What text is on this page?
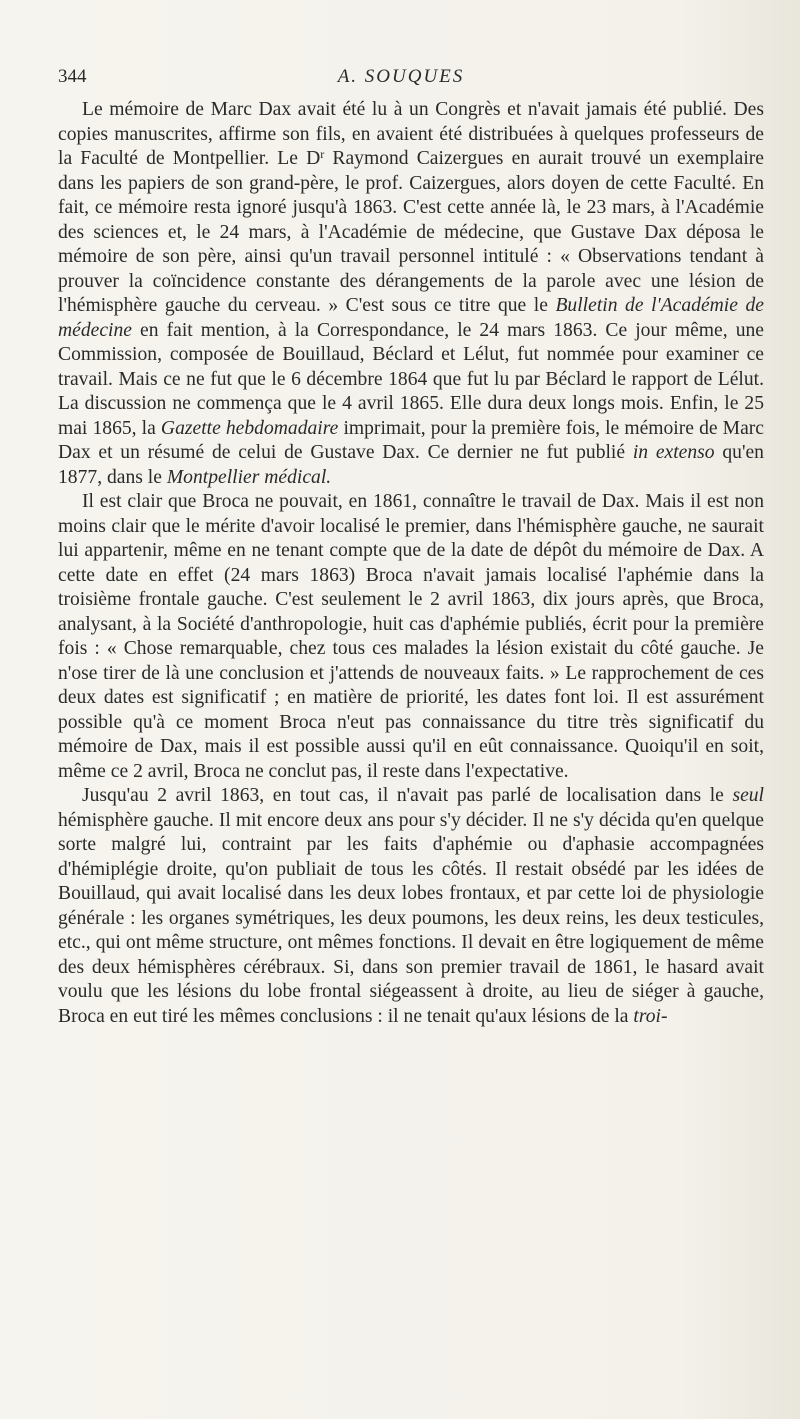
344	A. SOUQUES

Le mémoire de Marc Dax avait été lu à un Congrès et n'avait jamais été publié. Des copies manuscrites, affirme son fils, en avaient été distribuées à quelques professeurs de la Faculté de Montpellier. Le $D^r$ Raymond Caizergues en aurait trouvé un exemplaire dans les papiers de son grand-père, le prof. Caizergues, alors doyen de cette Faculté. En fait, ce mémoire resta ignoré jusqu'à 1863. C'est cette année là, le 23 mars, à l'Académie des sciences et, le 24 mars, à l'Académie de médecine, que Gustave Dax déposa le mémoire de son père, ainsi qu'un travail personnel intitulé : « Observations tendant à prouver la coïncidence constante des dérangements de la parole avec une lésion de l'hémisphère gauche du cerveau. » C'est sous ce titre que le Bulletin de l'Académie de médecine en fait mention, à la Correspondance, le 24 mars 1863. Ce jour même, une Commission, composée de Bouillaud, Béclard et Lélut, fut nommée pour examiner ce travail. Mais ce ne fut que le 6 décembre 1864 que fut lu par Béclard le rapport de Lélut. La discussion ne commença que le 4 avril 1865. Elle dura deux longs mois. Enfin, le 25 mai 1865, la Gazette hebdomadaire imprimait, pour la première fois, le mémoire de Marc Dax et un résumé de celui de Gustave Dax. Ce dernier ne fut publié in extenso qu'en 1877, dans le Montpellier médical.

Il est clair que Broca ne pouvait, en 1861, connaître le travail de Dax. Mais il est non moins clair que le mérite d'avoir localisé le premier, dans l'hémisphère gauche, ne saurait lui appartenir, même en ne tenant compte que de la date de dépôt du mémoire de Dax. A cette date en effet (24 mars 1863) Broca n'avait jamais localisé l'aphémie dans la troisième frontale gauche. C'est seulement le 2 avril 1863, dix jours après, que Broca, analysant, à la Société d'anthropologie, huit cas d'aphémie publiés, écrit pour la première fois : « Chose remarquable, chez tous ces malades la lésion existait du côté gauche. Je n'ose tirer de là une conclusion et j'attends de nouveaux faits. » Le rapprochement de ces deux dates est significatif ; en matière de priorité, les dates font loi. Il est assurément possible qu'à ce moment Broca n'eut pas connaissance du titre très significatif du mémoire de Dax, mais il est possible aussi qu'il en eût connaissance. Quoiqu'il en soit, même ce 2 avril, Broca ne conclut pas, il reste dans l'expectative.

Jusqu'au 2 avril 1863, en tout cas, il n'avait pas parlé de localisation dans le seul hémisphère gauche. Il mit encore deux ans pour s'y décider. Il ne s'y décida qu'en quelque sorte malgré lui, contraint par les faits d'aphémie ou d'aphasie accompagnées d'hémiplégie droite, qu'on publiait de tous les côtés. Il restait obsédé par les idées de Bouillaud, qui avait localisé dans les deux lobes frontaux, et par cette loi de physiologie générale : les organes symétriques, les deux poumons, les deux reins, les deux testicules, etc., qui ont même structure, ont mêmes fonctions. Il devait en être logiquement de même des deux hémisphères cérébraux. Si, dans son premier travail de 1861, le hasard avait voulu que les lésions du lobe frontal siégeassent à droite, au lieu de siéger à gauche, Broca en eut tiré les mêmes conclusions : il ne tenait qu'aux lésions de la troi-
